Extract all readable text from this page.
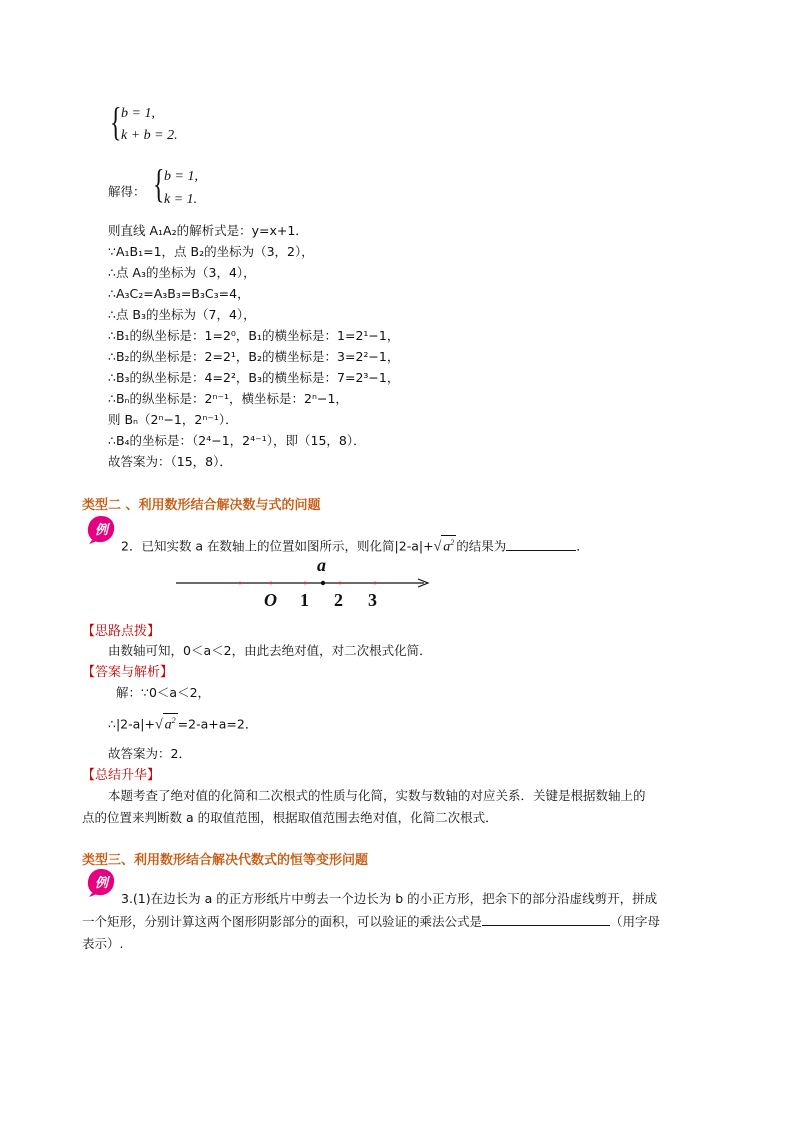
{ b = 1,
k + b = 2.
解得： { b = 1,
k = 1.
则直线 A₁A₂的解析式是：y=x+1．
∵A₁B₁=1，点 B₂的坐标为（3，2），
∴点 A₃的坐标为（3，4），
∴A₃C₂=A₃B₃=B₃C₃=4，
∴点 B₃的坐标为（7，4），
∴B₁的纵坐标是：1=2⁰，B₁的横坐标是：1=2¹−1，
∴B₂的纵坐标是：2=2¹，B₂的横坐标是：3=2²−1，
∴B₃的纵坐标是：4=2²，B₃的横坐标是：7=2³−1，
∴Bₙ的纵坐标是：2ⁿ⁻¹，横坐标是：2ⁿ−1，
则 Bₙ（2ⁿ−1，2ⁿ⁻¹）．
∴B₄的坐标是：（2⁴−1，2⁴⁻¹），即（15，8）．
故答案为：（15，8）．
类型二 、利用数形结合解决数与式的问题
例
2．已知实数 a 在数轴上的位置如图所示，则化简|2-a|+√ $a^2$ 的结果为	．
a
O 1 2 3
【思路点拨】
由数轴可知，0＜a＜2，由此去绝对值，对二次根式化简．
【答案与解析】
解：∵0＜a＜2，
∴|2-a|+√ $a^2 =2-a+a=2$．
故答案为：2．
【总结升华】
本题考查了绝对值的化简和二次根式的性质与化简，实数与数轴的对应关系．关键是根据数轴上的
点的位置来判断数 a 的取值范围，根据取值范围去绝对值，化简二次根式．
类型三、利用数形结合解决代数式的恒等变形问题
例
3.(1)在边长为 a 的正方形纸片中剪去一个边长为 b 的小正方形，把余下的部分沿虚线剪开，拼成
一个矩形，分别计算这两个图形阴影部分的面积，可以验证的乘法公式是	（用字母
表示）.
